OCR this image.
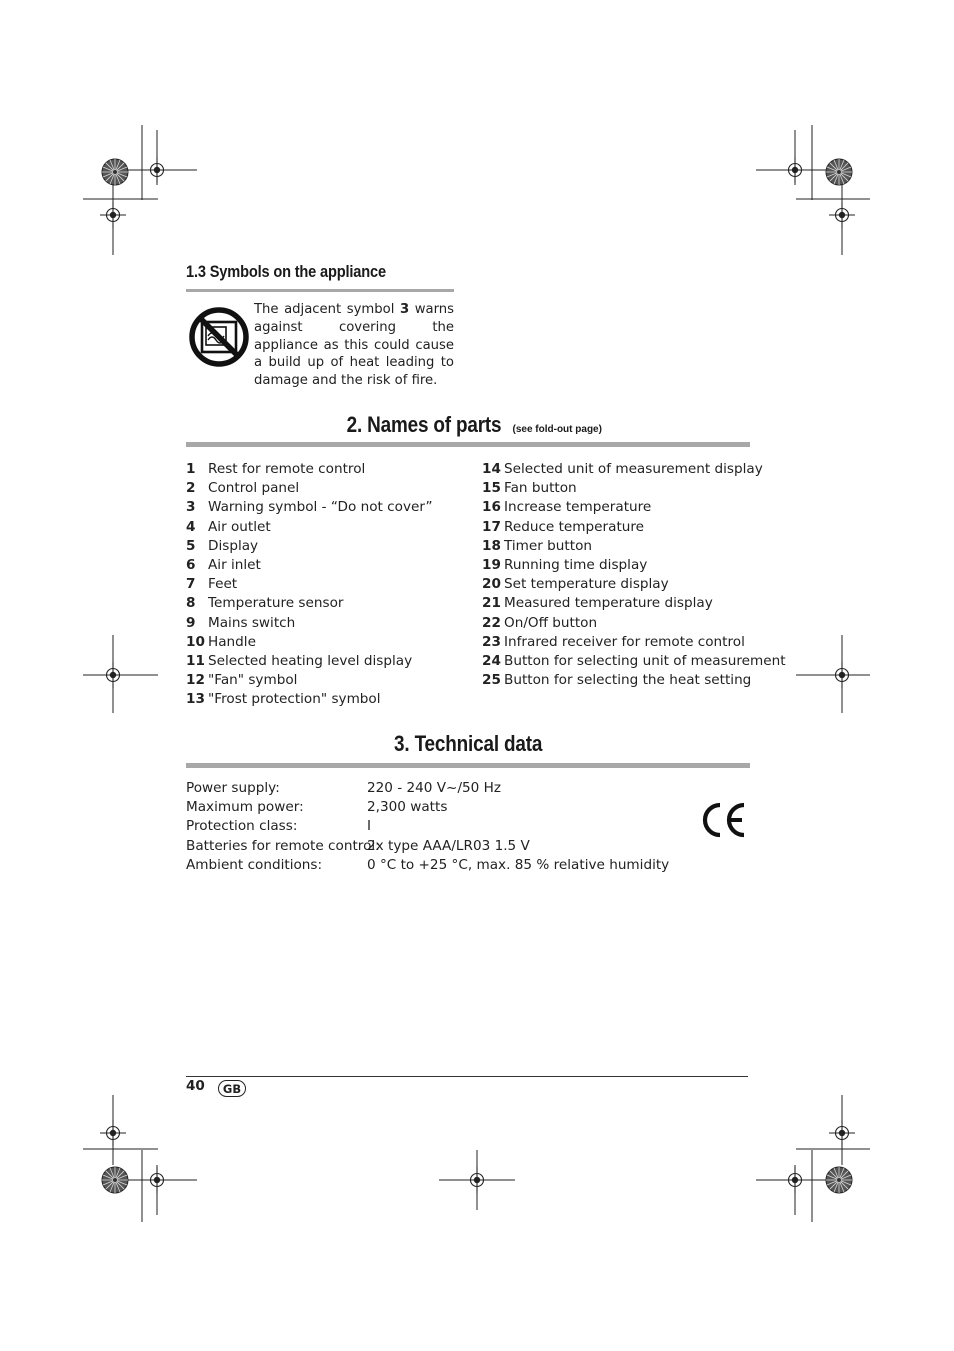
1.3 Symbols on the appliance
The adjacent symbol 3 warns against covering the appliance as this could cause a build up of heat leading to damage and the risk of fire.
2. Names of parts (see fold-out page)
1 Rest for remote control
2 Control panel
3 Warning symbol - “Do not cover”
4 Air outlet
5 Display
6 Air inlet
7 Feet
8 Temperature sensor
9 Mains switch
10 Handle
11 Selected heating level display
12 "Fan" symbol
13 "Frost protection" symbol
14 Selected unit of measurement display
15 Fan button
16 Increase temperature
17 Reduce temperature
18 Timer button
19 Running time display
20 Set temperature display
21 Measured temperature display
22 On/Off button
23 Infrared receiver for remote control
24 Button for selecting unit of measurement
25 Button for selecting the heat setting
3. Technical data
Power supply:	220 - 240 V~/50 Hz
Maximum power:	2,300 watts
Protection class:	I
Batteries for remote control:2x type AAA/LR03 1.5 V
Ambient conditions:	0 °C to +25 °C, max. 85 % relative humidity
40	GB
